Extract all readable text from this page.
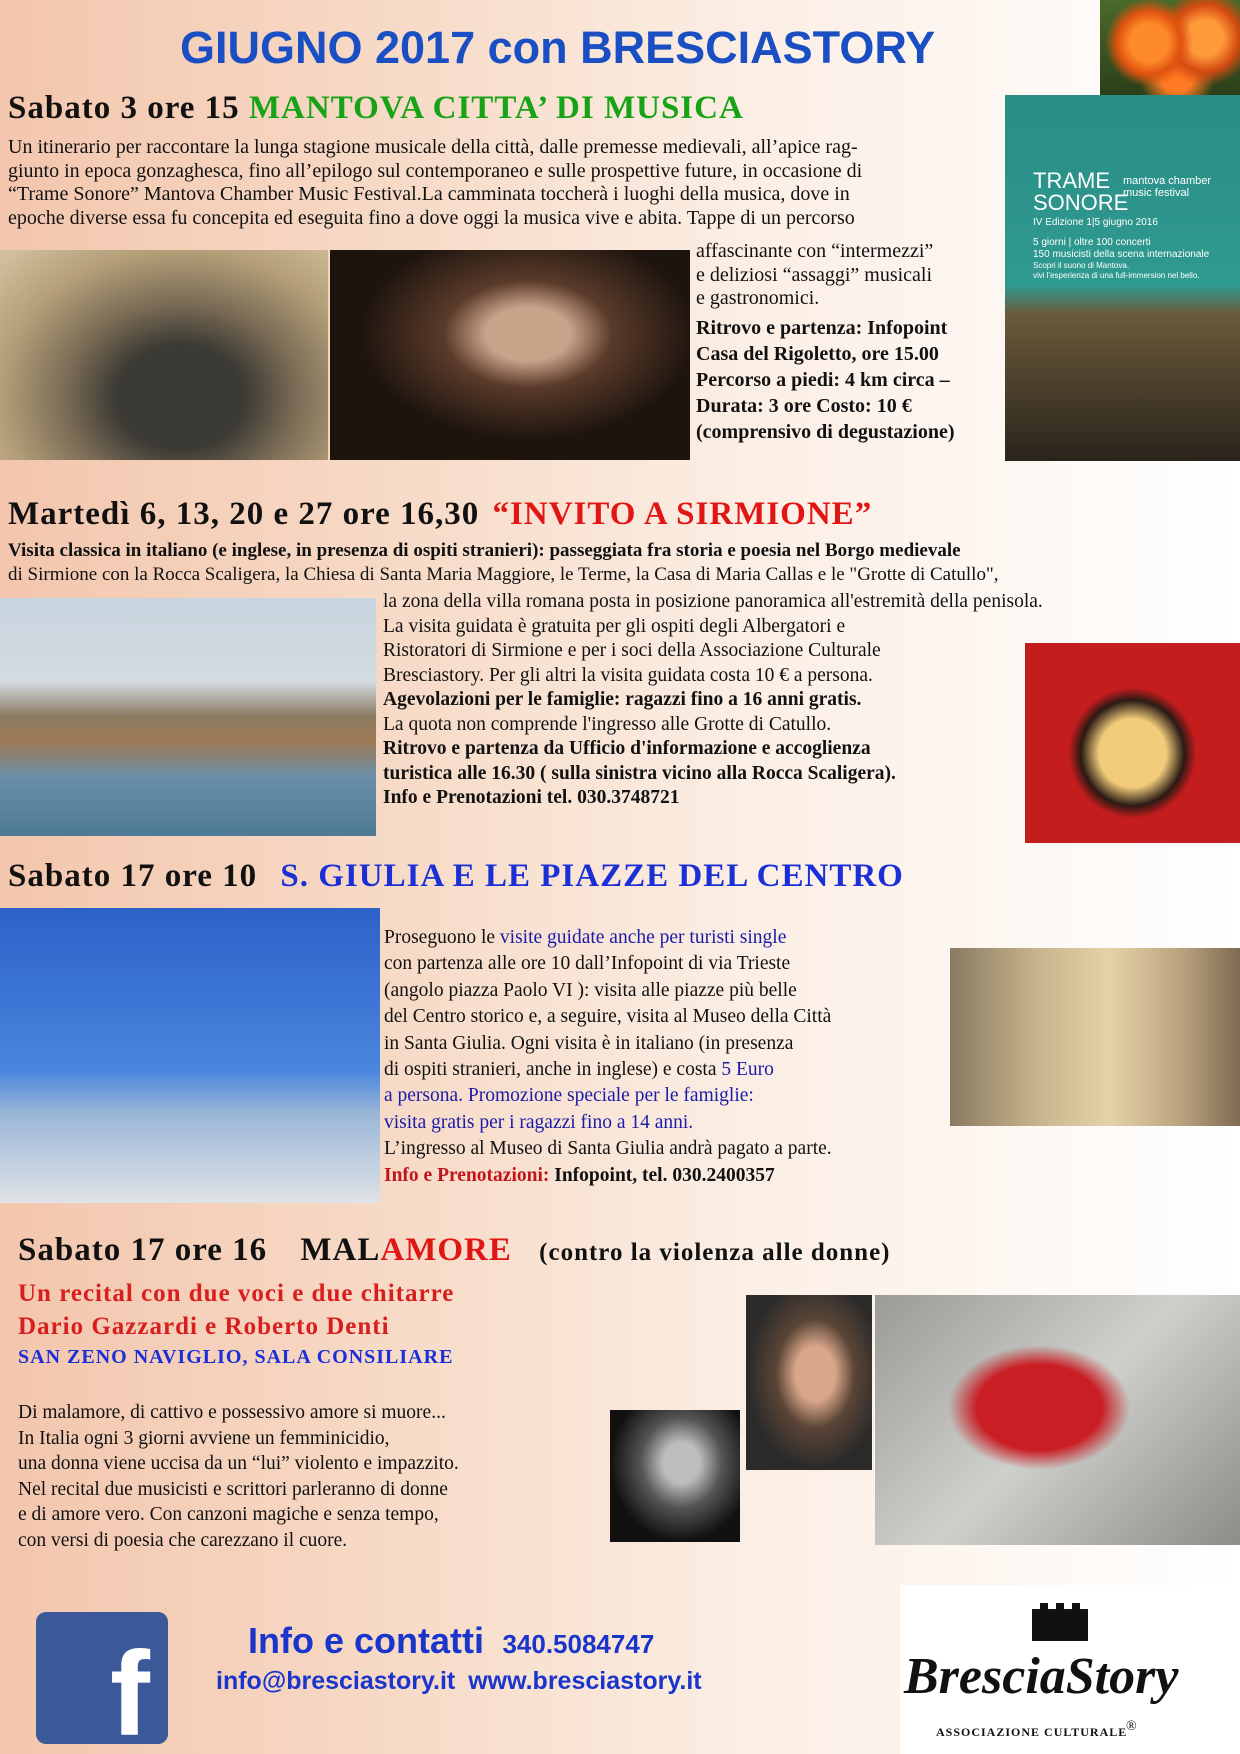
GIUGNO 2017 con BRESCIASTORY
Sabato 3 ore 15 MANTOVA CITTA’ DI MUSICA
Un itinerario per raccontare la lunga stagione musicale della città, dalle premesse medievali, all’apice rag-
giunto in epoca gonzaghesca, fino all’epilogo sul contemporaneo e sulle prospettive future, in occasione di
“Trame Sonore” Mantova Chamber Music Festival.La camminata toccherà i luoghi della musica, dove in
epoche diverse essa fu concepita ed eseguita fino a dove oggi la musica vive e abita. Tappe di un percorso
affascinante con “intermezzi”
e deliziosi “assaggi” musicali
e gastronomici.
Ritrovo e partenza: Infopoint
Casa del Rigoletto, ore 15.00
Percorso a piedi: 4 km circa –
Durata: 3 ore Costo: 10 €
(comprensivo di degustazione)
TRAME
SONORE
mantova chamber music festival
IV Edizione 1|5 giugno 2016
5 giorni | oltre 100 concerti
150 musicisti della scena internazionale
Scopri il suono di Mantova.
vivi l'esperienza di una full-immersion nel bello.
Martedì 6, 13, 20 e 27 ore 16,30 “INVITO A SIRMIONE”
Visita classica in italiano (e inglese, in presenza di ospiti stranieri): passeggiata fra storia e poesia nel Borgo medievale
di Sirmione con la Rocca Scaligera, la Chiesa di Santa Maria Maggiore, le Terme, la Casa di Maria Callas e le "Grotte di Catullo",
la zona della villa romana posta in posizione panoramica all'estremità della penisola.
La visita guidata è gratuita per gli ospiti degli Albergatori e
Ristoratori di Sirmione e per i soci della Associazione Culturale
Bresciastory. Per gli altri la visita guidata costa 10 € a persona.
Agevolazioni per le famiglie: ragazzi fino a 16 anni gratis.
La quota non comprende l'ingresso alle Grotte di Catullo.
Ritrovo e partenza da Ufficio d'informazione e accoglienza
turistica alle 16.30 ( sulla sinistra vicino alla Rocca Scaligera).
Info e Prenotazioni tel. 030.3748721
Sabato 17 ore 10 S. GIULIA E LE PIAZZE DEL CENTRO
Proseguono le visite guidate anche per turisti single
con partenza alle ore 10 dall’Infopoint di via Trieste
(angolo piazza Paolo VI ): visita alle piazze più belle
del Centro storico e, a seguire, visita al Museo della Città
in Santa Giulia. Ogni visita è in italiano (in presenza
di ospiti stranieri, anche in inglese) e costa 5 Euro
a persona. Promozione speciale per le famiglie:
visita gratis per i ragazzi fino a 14 anni.
L’ingresso al Museo di Santa Giulia andrà pagato a parte.
Info e Prenotazioni: Infopoint, tel. 030.2400357
Sabato 17 ore 16 MALAMORE (contro la violenza alle donne)
Un recital con due voci e due chitarre
Dario Gazzardi e Roberto Denti
SAN ZENO NAVIGLIO, SALA CONSILIARE
Di malamore, di cattivo e possessivo amore si muore...
In Italia ogni 3 giorni avviene un femminicidio,
una donna viene uccisa da un “lui” violento e impazzito.
Nel recital due musicisti e scrittori parleranno di donne
e di amore vero. Con canzoni magiche e senza tempo,
con versi di poesia che carezzano il cuore.
f	Info e contatti 340.5084747
info@bresciastory.it www.bresciastory.it	BresciaStory
ASSOCIAZIONE CULTURALE
®
